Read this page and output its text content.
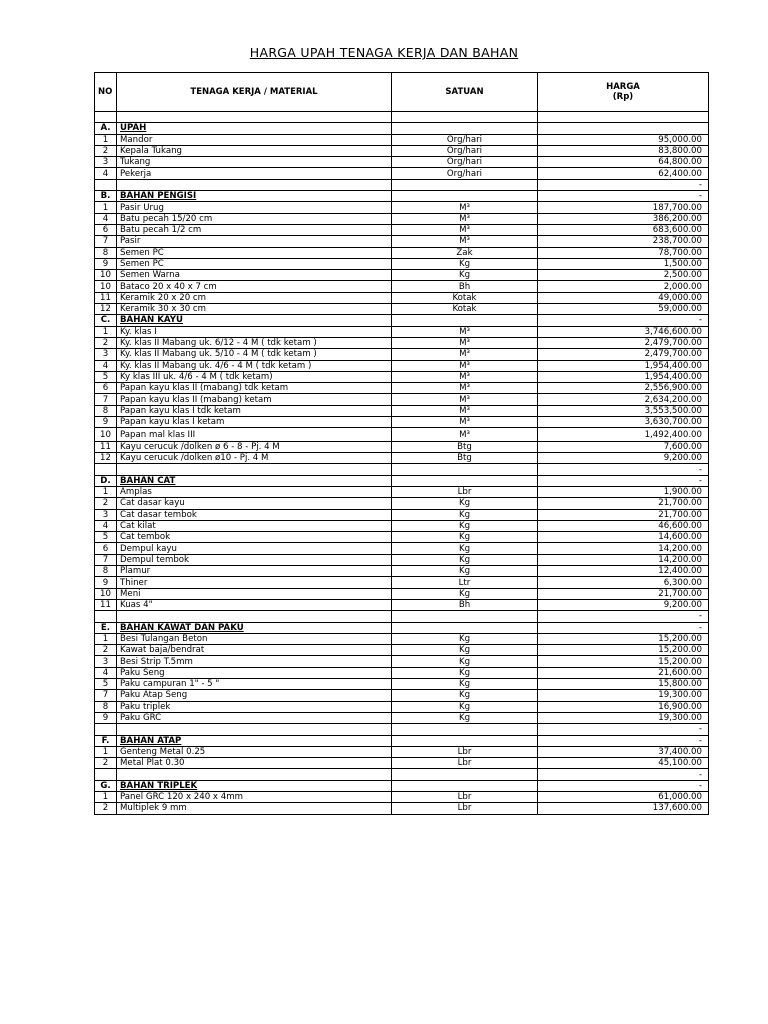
HARGA UPAH TENAGA KERJA DAN BAHAN
NO	TENAGA KERJA / MATERIAL	SATUAN	HARGA
(Rp)

A.	UPAH		
1	Mandor	Org/hari	95,000.00
2	Kepala Tukang	Org/hari	83,800.00
3	Tukang	Org/hari	64,800.00
4	Pekerja	Org/hari	62,400.00
			-
B.	BAHAN PENGISI		-
1	Pasir Urug	M³	187,700.00
4	Batu pecah 15/20 cm	M³	386,200.00
6	Batu pecah 1/2 cm	M³	683,600.00
7	Pasir	M³	238,700.00
8	Semen PC	Zak	78,700.00
9	Semen PC	Kg	1,500.00
10	Semen Warna	Kg	2,500.00
10	Bataco 20 x 40 x 7 cm	Bh	2,000.00
11	Keramik 20 x 20 cm	Kotak	49,000.00
12	Keramik 30 x 30 cm	Kotak	59,000.00
C.	BAHAN KAYU		-
1	Ky. klas I	M³	3,746,600.00
2	Ky. klas II Mabang uk. 6/12 - 4 M ( tdk ketam )	M³	2,479,700.00
3	Ky. klas II Mabang uk. 5/10 - 4 M ( tdk ketam )	M³	2,479,700.00
4	Ky. klas II Mabang uk. 4/6 - 4 M ( tdk ketam )	M³	1,954,400.00
5	Ky klas III uk. 4/6 - 4 M ( tdk ketam)	M³	1,954,400.00
6	Papan kayu klas II (mabang) tdk ketam	M³	2,556,900.00
7	Papan kayu klas II (mabang) ketam	M³	2,634,200.00
8	Papan kayu klas I tdk ketam	M³	3,553,500.00
9	Papan kayu klas I ketam	M³	3,630,700.00
10	Papan mal klas III	M³	1,492,400.00
11	Kayu cerucuk /dolken ø 6 - 8 - Pj. 4 M	Btg	7,600.00
12	Kayu cerucuk /dolken ø10 - Pj. 4 M	Btg	9,200.00
			-
D.	BAHAN CAT		-
1	Amplas	Lbr	1,900.00
2	Cat dasar kayu	Kg	21,700.00
3	Cat dasar tembok	Kg	21,700.00
4	Cat kilat	Kg	46,600.00
5	Cat tembok	Kg	14,600.00
6	Dempul kayu	Kg	14,200.00
7	Dempul tembok	Kg	14,200.00
8	Plamur	Kg	12,400.00
9	Thiner	Ltr	6,300.00
10	Meni	Kg	21,700.00
11	Kuas 4"	Bh	9,200.00
			-
E.	BAHAN KAWAT DAN PAKU		-
1	Besi Tulangan Beton	Kg	15,200.00
2	Kawat baja/bendrat	Kg	15,200.00
3	Besi Strip T.5mm	Kg	15,200.00
4	Paku Seng	Kg	21,600.00
5	Paku campuran 1" - 5 "	Kg	15,800.00
7	Paku Atap Seng	Kg	19,300.00
8	Paku triplek	Kg	16,900.00
9	Paku GRC	Kg	19,300.00
			-
F.	BAHAN ATAP		-
1	Genteng Metal 0.25	Lbr	37,400.00
2	Metal Plat 0.30	Lbr	45,100.00
			-
G.	BAHAN TRIPLEK		-
1	Panel GRC 120 x 240 x 4mm	Lbr	61,000.00
2	Multiplek 9 mm	Lbr	137,600.00
